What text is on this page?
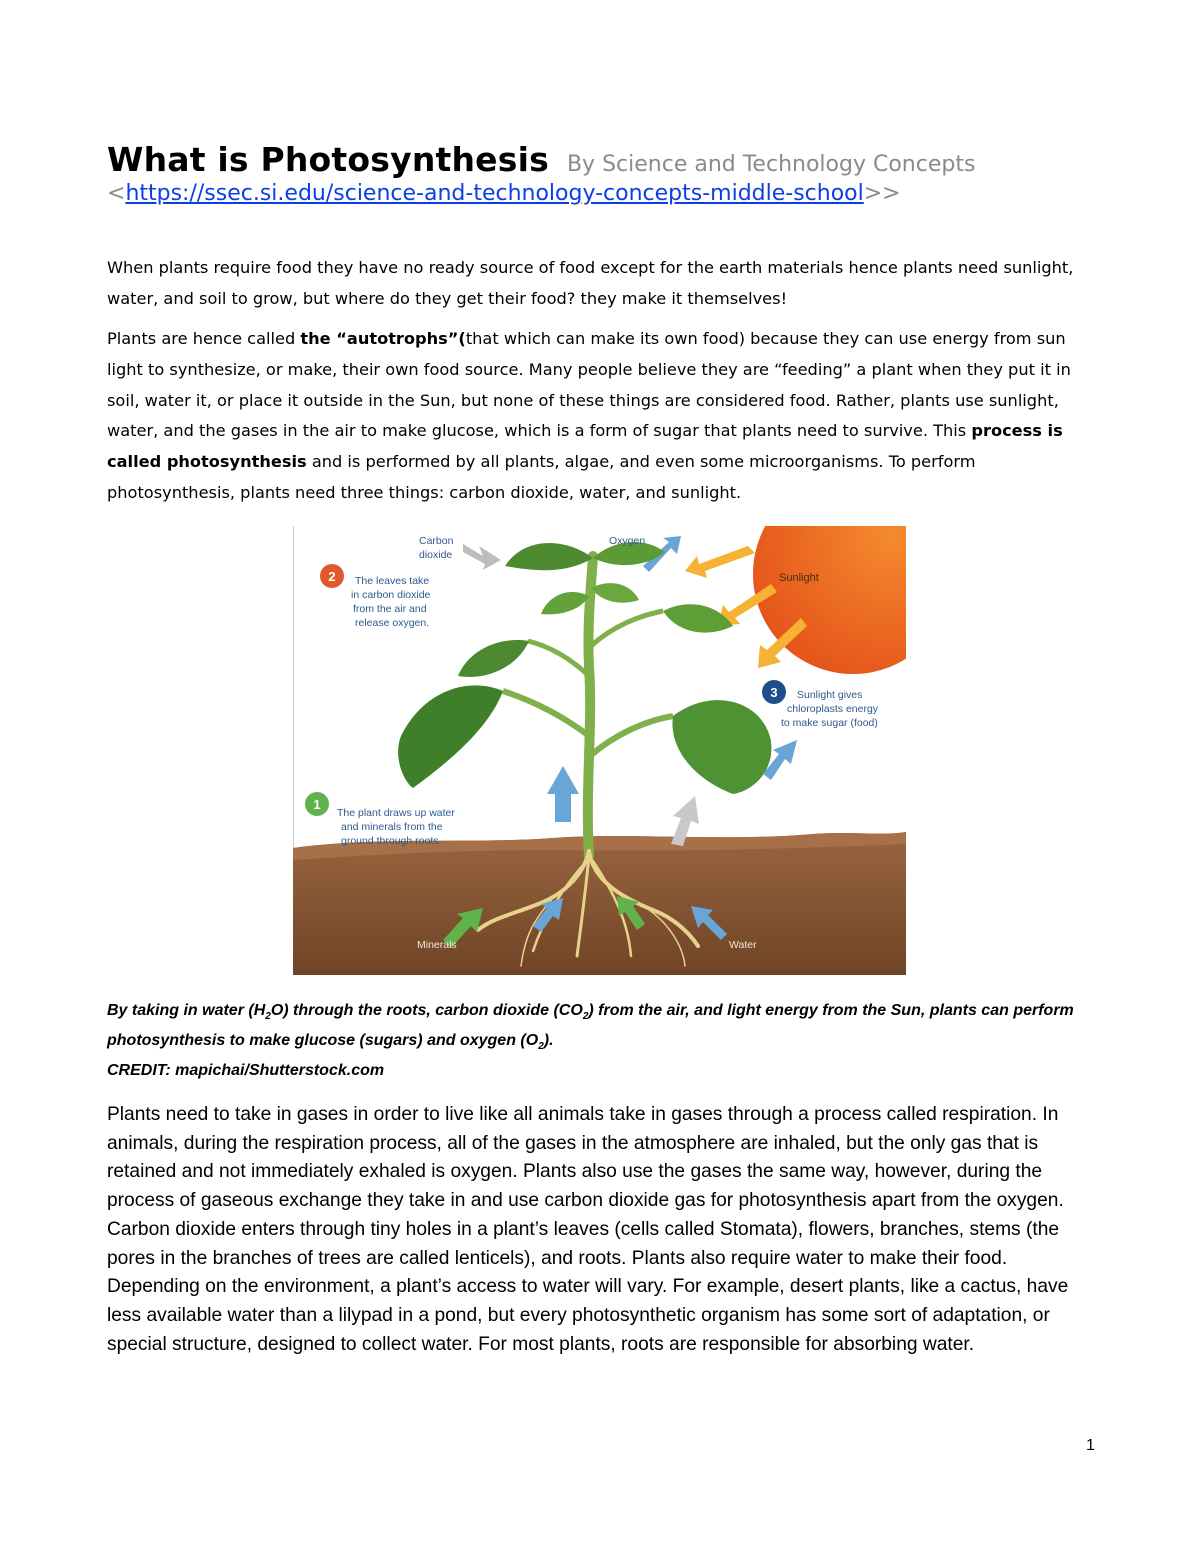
What is Photosynthesis By Science and Technology Concepts
<https://ssec.si.edu/science-and-technology-concepts-middle-school>>

When plants require food they have no ready source of food except for the earth materials hence plants need sunlight, water, and soil to grow, but where do they get their food? they make it themselves!

Plants are hence called the “autotrophs”(that which can make its own food) because they can use energy from sun light to synthesize, or make, their own food source. Many people believe they are “feeding” a plant when they put it in soil, water it, or place it outside in the Sun, but none of these things are considered food. Rather, plants use sunlight, water, and the gases in the air to make glucose, which is a form of sugar that plants need to survive. This process is called photosynthesis and is performed by all plants, algae, and even some microorganisms. To perform photosynthesis, plants need three things: carbon dioxide, water, and sunlight.

Sunlight
Carbon
dioxide
Oxygen
2 The leaves take
in carbon dioxide
from the air and
release oxygen.
3 Sunlight gives
chloroplasts energy
to make sugar (food)
1
The plant draws up water
and minerals from the
ground through roots.
Minerals	Water

By taking in water $(H_2O)$ through the roots, carbon dioxide $(CO_2)$ from the air, and light energy from the Sun, plants can perform photosynthesis to make glucose (sugars) and oxygen $(O_2)$.
CREDIT: mapichai/Shutterstock.com

Plants need to take in gases in order to live like all animals take in gases through a process called respiration. In animals, during the respiration process, all of the gases in the atmosphere are inhaled, but the only gas that is retained and not immediately exhaled is oxygen. Plants also use the gases the same way, however, during the process of gaseous exchange they take in and use carbon dioxide gas for photosynthesis apart from the oxygen.
Carbon dioxide enters through tiny holes in a plant’s leaves (cells called Stomata), flowers, branches, stems (the pores in the branches of trees are called lenticels), and roots. Plants also require water to make their food. Depending on the environment, a plant’s access to water will vary. For example, desert plants, like a cactus, have less available water than a lilypad in a pond, but every photosynthetic organism has some sort of adaptation, or special structure, designed to collect water. For most plants, roots are responsible for absorbing water.
1
